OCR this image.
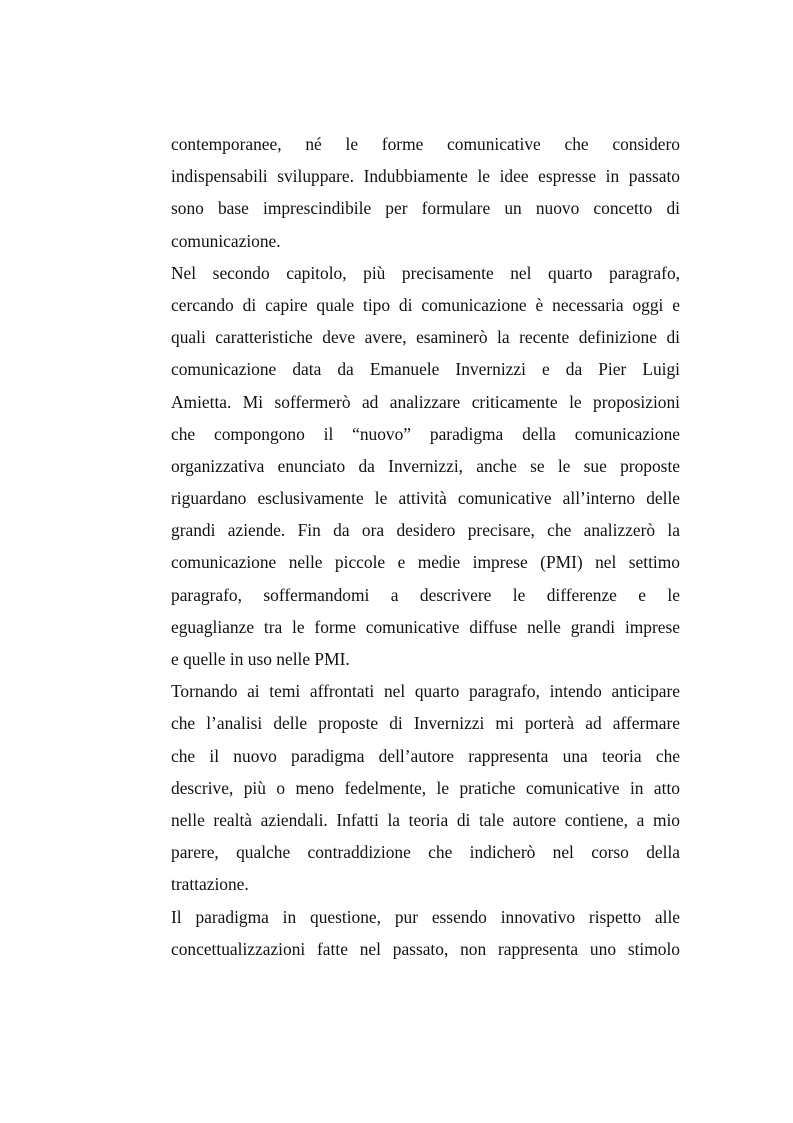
contemporanee, né le forme comunicative che considero
indispensabili sviluppare. Indubbiamente le idee espresse in passato
sono base imprescindibile per formulare un nuovo concetto di
comunicazione.
Nel secondo capitolo, più precisamente nel quarto paragrafo,
cercando di capire quale tipo di comunicazione è necessaria oggi e
quali caratteristiche deve avere, esaminerò la recente definizione di
comunicazione data da Emanuele Invernizzi e da Pier Luigi
Amietta. Mi soffermerò ad analizzare criticamente le proposizioni
che compongono il “nuovo” paradigma della comunicazione
organizzativa enunciato da Invernizzi, anche se le sue proposte
riguardano esclusivamente le attività comunicative all’interno delle
grandi aziende. Fin da ora desidero precisare, che analizzerò la
comunicazione nelle piccole e medie imprese (PMI) nel settimo
paragrafo, soffermandomi a descrivere le differenze e le
eguaglianze tra le forme comunicative diffuse nelle grandi imprese
e quelle in uso nelle PMI.
Tornando ai temi affrontati nel quarto paragrafo, intendo anticipare
che l’analisi delle proposte di Invernizzi mi porterà ad affermare
che il nuovo paradigma dell’autore rappresenta una teoria che
descrive, più o meno fedelmente, le pratiche comunicative in atto
nelle realtà aziendali. Infatti la teoria di tale autore contiene, a mio
parere, qualche contraddizione che indicherò nel corso della
trattazione.
Il paradigma in questione, pur essendo innovativo rispetto alle
concettualizzazioni fatte nel passato, non rappresenta uno stimolo
